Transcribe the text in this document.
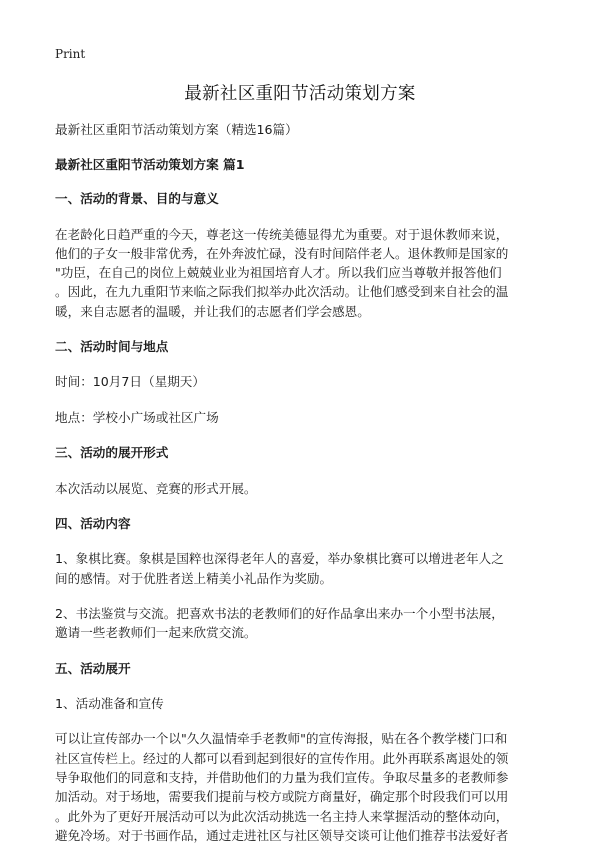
Print
最新社区重阳节活动策划方案

最新社区重阳节活动策划方案（精选16篇）

最新社区重阳节活动策划方案 篇1

一、活动的背景、目的与意义

在老龄化日趋严重的今天，尊老这一传统美德显得尤为重要。对于退休教师来说，
他们的子女一般非常优秀，在外奔波忙碌，没有时间陪伴老人。退休教师是国家的
"功臣，在自己的岗位上兢兢业业为祖国培育人才。所以我们应当尊敬并报答他们
。因此，在九九重阳节来临之际我们拟举办此次活动。让他们感受到来自社会的温
暖，来自志愿者的温暖，并让我们的志愿者们学会感恩。

二、活动时间与地点

时间：10月7日（星期天）
地点：学校小广场或社区广场

三、活动的展开形式

本次活动以展览、竞赛的形式开展。

四、活动内容

1、象棋比赛。象棋是国粹也深得老年人的喜爱，举办象棋比赛可以增进老年人之
间的感情。对于优胜者送上精美小礼品作为奖励。
2、书法鉴赏与交流。把喜欢书法的老教师们的好作品拿出来办一个小型书法展，
邀请一些老教师们一起来欣赏交流。

五、活动展开

1、活动准备和宣传
可以让宣传部办一个以"久久温情牵手老教师"的宣传海报，贴在各个教学楼门口和
社区宣传栏上。经过的人都可以看到起到很好的宣传作用。此外再联系离退处的领
导争取他们的同意和支持，并借助他们的力量为我们宣传。争取尽量多的老教师参
加活动。对于场地，需要我们提前与校方或院方商量好，确定那个时段我们可以用
。此外为了更好开展活动可以为此次活动挑选一名主持人来掌握活动的整体动向，
避免冷场。对于书画作品，通过走进社区与社区领导交谈可让他们推荐书法爱好者
